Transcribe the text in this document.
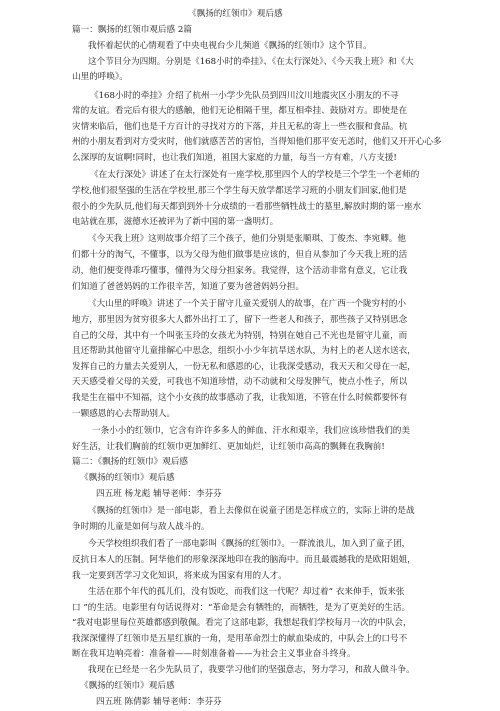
《飘扬的红领巾》观后感
篇一：飘扬的红领巾观后感 2篇
我怀着起伏的心情观看了中央电视台少儿频道《飘扬的红领巾》这个节目。
这个节目分为四期。分别是《168小时的牵挂》、《在太行深处》、《今天我上班》和《大
山里的呼唤》。
《168小时的牵挂》介绍了杭州一小学少先队员到四川汶川地震灾区小朋友的不寻
常的友谊。看完后有很大的感触，他们无论相隔千里，都互相牵挂、鼓励对方。即使是在
灾情来临后，他们也是千方百计的寻找对方的下落，并且无私的寄上一些衣服和食品。杭
州的小朋友看到对方受灾时，他们就感苦苦的害怕，当得知他们那平安无恙时，他们又开开心心多
么深厚的友谊啊!同时，也让我们知道，祖国大家庭的力量，每当一方有难，八方支援!
《在太行深处》讲述了在太行深处有一座学校,那里四个人的学校是三个学生一个老师的
学校,他们很坚强的生活在学校里,那三个学生每天放学都送学习班的小朋友们回家,他们是
很小的少先队员,他们每天都到到外十分成绩的一看那些牺牲战士的墓里,解放时期的第一座水
电站就在那，滋德水还被评为了新中国的第一盏明灯。
《今天我上班》这则故事介绍了三个孩子，他们分别是张顺琪、丁俊杰、李宛卿。他
们都十分的淘气，不懂事，以为父母为他们做事是应该的，但自从参加了今天我上班的活
动，他们便变得乖巧懂事，懂得为父母分担家务。我觉得，这个活动非常有意义，它让我
们知道了爸爸妈妈的工作很辛苦，知道了要为爸爸妈妈分担。
《大山里的呼唤》讲述了一个关于留守儿童关爱别人的故事，在广西一个陇穷村的小
地方，那里因为贫穷很多大人都外出打工了，留下一些老人和孩子，那些孩子又特别思念
自己的父母，其中有一个叫张玉玲的女孩尤为特别，特别在她自己不光也是留守儿童，而
且还帮助其他留守儿童排解心中思念，组织小小少年抗旱送水队，为村上的老人送水送衣，
发挥自己的力量去关爱别人，一份无私和感恩的心，让我深受感动，我天天和父母在一起，
天天感受着父母的关爱，可我也不知道珍惜，动不动就和父母发脾气，使点小性子，所以
我是生在福中不知福，这个小女孩的故事感动了我，让我知道，不管在什么时候都要怀有
一颗感恩的心去帮助别人。
一条小小的红领巾，它含有许许多多人的鲜血、汗水和艰辛，我们应该珍惜我们的美
好生活，让我们胸前的红领巾更加鲜红、更加灿烂，让红领巾高高的飘舞在我胸前!
篇二：《飘扬的红领巾》观后感
《飘扬的红领巾》观后感
四五班 杨龙彪 辅导老师：李芬芬
《飘扬的红领巾》是一部电影，看上去像似在说童子团是怎样成立的，实际上讲的是战
争时期的儿童是如何与敌人战斗的。
今天学校组织我们看了一部电影叫《飘扬的红领巾》。一群流浪儿，加入到了童子团，
反抗日本人的压制。阿华他们的形象深深地印在我的脑海中。而且最震撼我的是欧阳姐姐，
我一定要到苦学习文化知识，将来成为国家有用的人才。
生活在那个年代的孤儿们，没有饭吃，而我们这一代呢？却过着“ 衣来伸手，饭来张
口 ”的生活。电影里有句话说得对：“革命是会有牺牲的，而牺牲，是为了更美好的生活。
“我对电影里每位英雄都感到敬佩。看完了这部电影，我想起我们学校每月一次的中队会，
我深深懂得了红领巾是五星红旗的一角，是用革命烈士的献血染成的，中队会上的口号不
断在我耳边响亮着：准备着——时刻准备着——为社会主义事业奋斗终身。
我现在已经是一名少先队员了，我要学习他们的坚强意志，努力学习，和敌人做斗争。
《飘扬的红领巾》观后感
四五班 陈倩影 辅导老师：李芬芬
